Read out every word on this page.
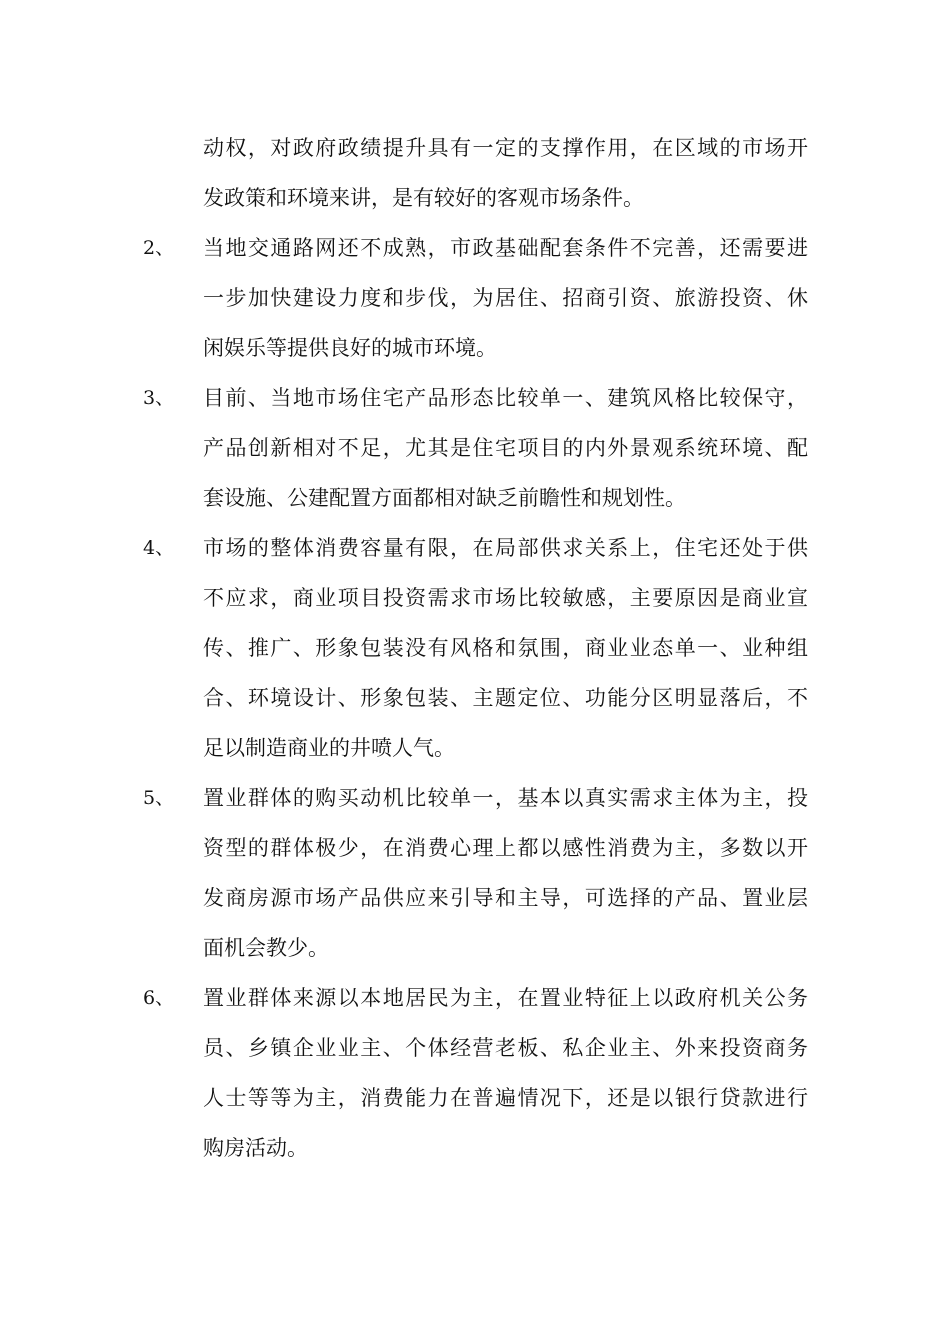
动权，对政府政绩提升具有一定的支撑作用，在区域的市场开
发政策和环境来讲，是有较好的客观市场条件。
2、 当地交通路网还不成熟，市政基础配套条件不完善，还需要进
一步加快建设力度和步伐，为居住、招商引资、旅游投资、休
闲娱乐等提供良好的城市环境。
3、 目前、当地市场住宅产品形态比较单一、建筑风格比较保守，
产品创新相对不足，尤其是住宅项目的内外景观系统环境、配
套设施、公建配置方面都相对缺乏前瞻性和规划性。
4、 市场的整体消费容量有限，在局部供求关系上，住宅还处于供
不应求，商业项目投资需求市场比较敏感，主要原因是商业宣
传、推广、形象包装没有风格和氛围，商业业态单一、业种组
合、环境设计、形象包装、主题定位、功能分区明显落后，不
足以制造商业的井喷人气。
5、 置业群体的购买动机比较单一，基本以真实需求主体为主，投
资型的群体极少，在消费心理上都以感性消费为主，多数以开
发商房源市场产品供应来引导和主导，可选择的产品、置业层
面机会教少。
6、 置业群体来源以本地居民为主，在置业特征上以政府机关公务
员、乡镇企业业主、个体经营老板、私企业主、外来投资商务
人士等等为主，消费能力在普遍情况下，还是以银行贷款进行
购房活动。
